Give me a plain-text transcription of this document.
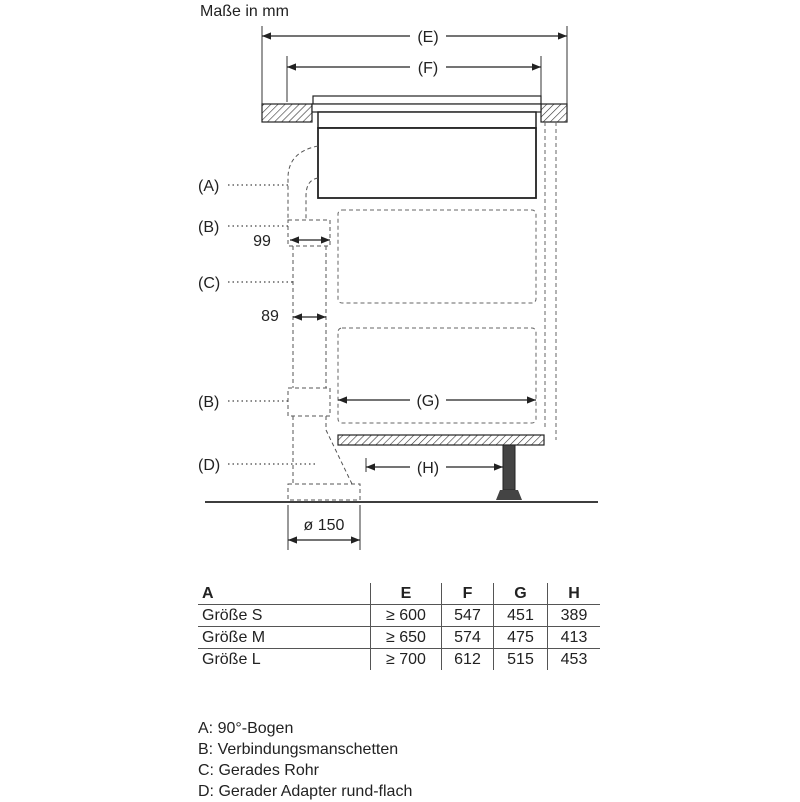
Maße in mm
(E)
(F)
(G)
(H)
99
89
ø 150
(A)
(B)
(C)
(B)
(D)
A	E	F	G	H
Größe S	≥ 600	547	451	389
Größe M	≥ 650	574	475	413
Größe L	≥ 700	612	515	453
A: 90°-Bogen
B: Verbindungsmanschetten
C: Gerades Rohr
D: Gerader Adapter rund-flach
